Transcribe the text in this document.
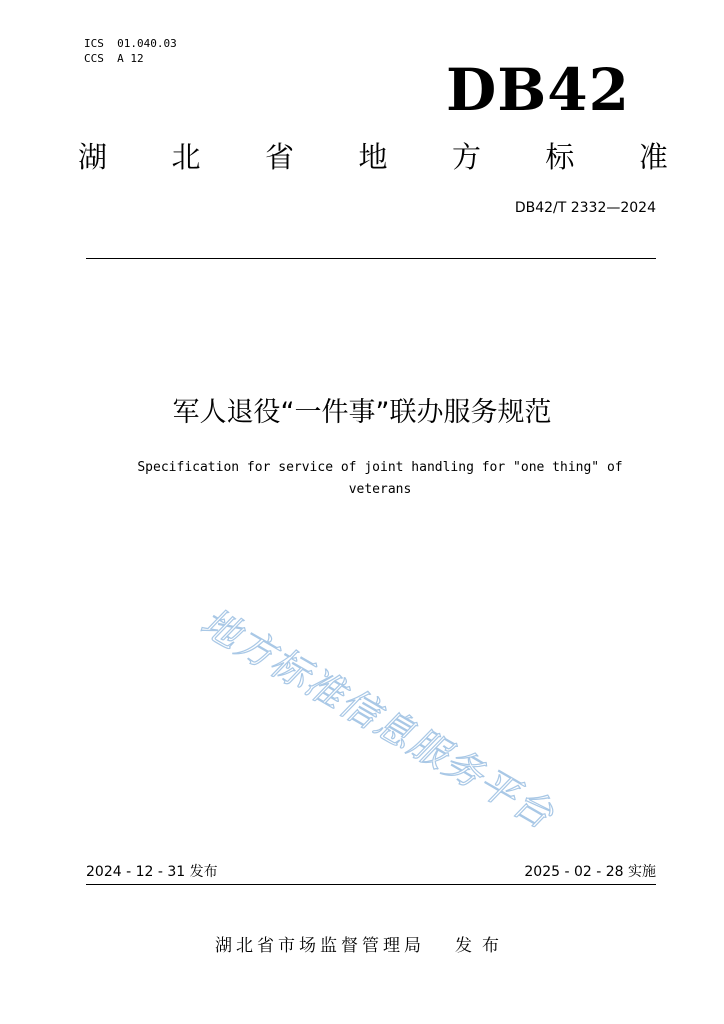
ICS  01.040.03
CCS  A 12	DB42
湖 北 省 地 方 标 准
DB42/T 2332—2024
军人退役“一件事”联办服务规范
Specification for service of joint handling for "one thing" of veterans
地方标准信息服务平台
2024 - 12 - 31 发布	2025 - 02 - 28 实施
湖北省市场监督管理局 发布
